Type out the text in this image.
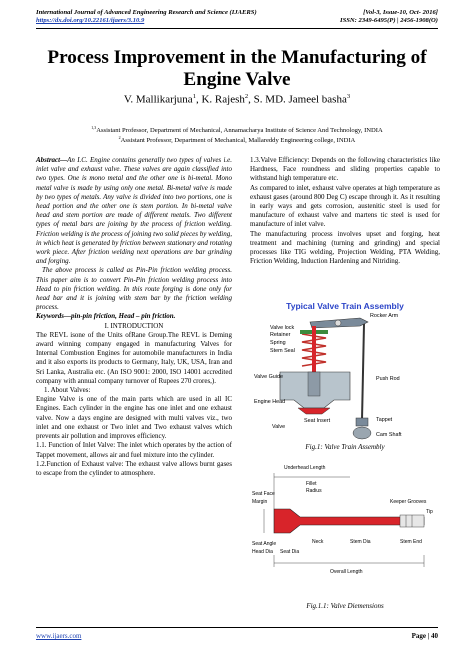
International Journal of Advanced Engineering Research and Science (IJAERS)	[Vol-3, Issue-10, Oct- 2016]
https://dx.doi.org/10.22161/ijaers/3.10.9	ISSN: 2349-6495(P) | 2456-1908(O)
Process Improvement in the Manufacturing of
Engine Valve
V. Mallikarjuna$^1$, K. Rajesh$^2$, S. MD. Jameel basha$^3$
$^{1,3}$Assistant Professor, Department of Mechanical, Annamacharya Institute of Science And Technology, INDIA
$^2$Assistant Professor, Department of Mechanical, Mallareddy Engineering college, INDIA

Abstract—An I.C. Engine contains generally two types of valves i.e. inlet valve and exhaust valve. These valves are again classified into two types. One is mono metal and the other one is bi-metal. Mono metal valve is made by using only one metal. Bi-metal valve is made by two types of metals. Any valve is divided into two portions, one is head portion and the other one is stem portion. In bi-metal valve head and stem portion are made of different metals. Two different types of metal bars are joining by the process of friction welding. Friction welding is the process of joining two solid pieces by welding, in which heat is generated by friction between stationary and rotating work piece. After friction welding next operations are bar grinding and forging.

The above process is called as Pin-Pin friction welding process. This paper aim is to convert Pin-Pin friction welding process into Head to pin friction welding. In this route forging is done only for head bar and it is joining with stem bar by the friction welding process.

Keywords—pin-pin friction, Head – pin friction.

I. INTRODUCTION

The REVL isone of the Units ofRane Group.The REVL is Deming award winning company engaged in manufacturing Valves for Internal Combustion Engines for automobile manufacturers in India and it also exports its products to Germany, Italy, UK, USA, Iran and Sri Lanka, Australia etc. (An ISO 9001: 2000, ISO 14001 accredited company with annual company turnover of Rupees 270 crores,).

1. About Valves:

Engine Valve is one of the main parts which are used in all IC Engines. Each cylinder in the engine has one inlet and one exhaust valve. Now a days engine are designed with multi valves viz., two inlet and one exhaust or Two inlet and Two exhaust valves which prevents air pollution and improves efficiency.

1.1. Function of Inlet Valve: The inlet which operates by the action of Tappet movement, allows air and fuel mixture into the cylinder.

1.2.Function of Exhaust valve: The exhaust valve allows burnt gases to escape from the cylinder to atmosphere.

1.3.Valve Efficiency: Depends on the following characteristics like Hardness, Face roundness and sliding properties capable to withstand high temperature etc.

As compared to inlet, exhaust valve operates at high temperature as exhaust gases (around 800 Deg C) escape through it. As it resulting in early ways and gets corrosion, austenitic steel is used for manufacture of exhaust valve and martens tic steel is used for manufacture of inlet valve.

The manufacturing process involves upset and forging, heat treatment and machining (turning and grinding) and special processes like TIG welding, Projection Welding, PTA Welding, Friction Welding, Induction Hardening and Nitriding.

Typical Valve Train Assembly
Rocker Arm
Valve lock
Retainer
Spring
Stem Seal
Valve Guide	Push Rod
Engine Head
Seat Insert
Valve
Tappet
Cam Shaft
Fig.1: Valve Train Assembly
Underhead Length
Fillet
Radius
Seat Face
Margin
Seat Angle
Head Dia Seat Dia
Neck	Stem Dia
Keeper Grooves
Tip
Overall Length
Stem End
Fig.1.1: Valve Diemensions
www.ijaers.com	Page | 40
